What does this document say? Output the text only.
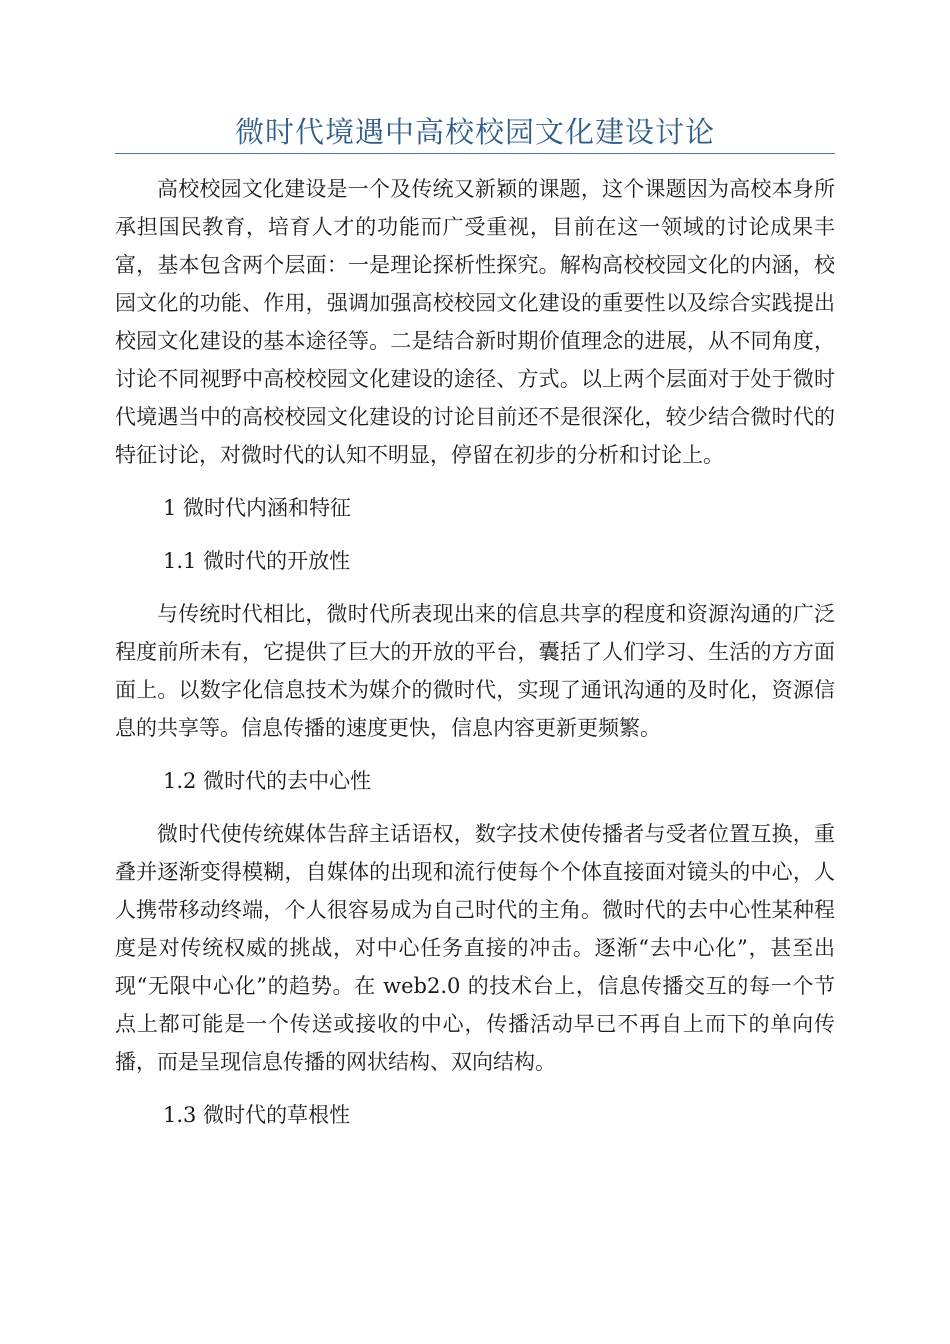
微时代境遇中高校校园文化建设讨论

高校校园文化建设是一个及传统又新颖的课题，这个课题因为高校本身所承担国民教育，培育人才的功能而广受重视，目前在这一领域的讨论成果丰富，基本包含两个层面：一是理论探析性探究。解构高校校园文化的内涵，校园文化的功能、作用，强调加强高校校园文化建设的重要性以及综合实践提出校园文化建设的基本途径等。二是结合新时期价值理念的进展，从不同角度，讨论不同视野中高校校园文化建设的途径、方式。以上两个层面对于处于微时代境遇当中的高校校园文化建设的讨论目前还不是很深化，较少结合微时代的特征讨论，对微时代的认知不明显，停留在初步的分析和讨论上。

1 微时代内涵和特征

1.1 微时代的开放性

与传统时代相比，微时代所表现出来的信息共享的程度和资源沟通的广泛程度前所未有，它提供了巨大的开放的平台，囊括了人们学习、生活的方方面面上。以数字化信息技术为媒介的微时代，实现了通讯沟通的及时化，资源信息的共享等。信息传播的速度更快，信息内容更新更频繁。

1.2 微时代的去中心性

微时代使传统媒体告辞主话语权，数字技术使传播者与受者位置互换，重叠并逐渐变得模糊，自媒体的出现和流行使每个个体直接面对镜头的中心，人人携带移动终端，个人很容易成为自己时代的主角。微时代的去中心性某种程度是对传统权威的挑战，对中心任务直接的冲击。逐渐“去中心化”，甚至出现“无限中心化”的趋势。在 web2.0 的技术台上，信息传播交互的每一个节点上都可能是一个传送或接收的中心，传播活动早已不再自上而下的单向传播，而是呈现信息传播的网状结构、双向结构。

1.3 微时代的草根性
